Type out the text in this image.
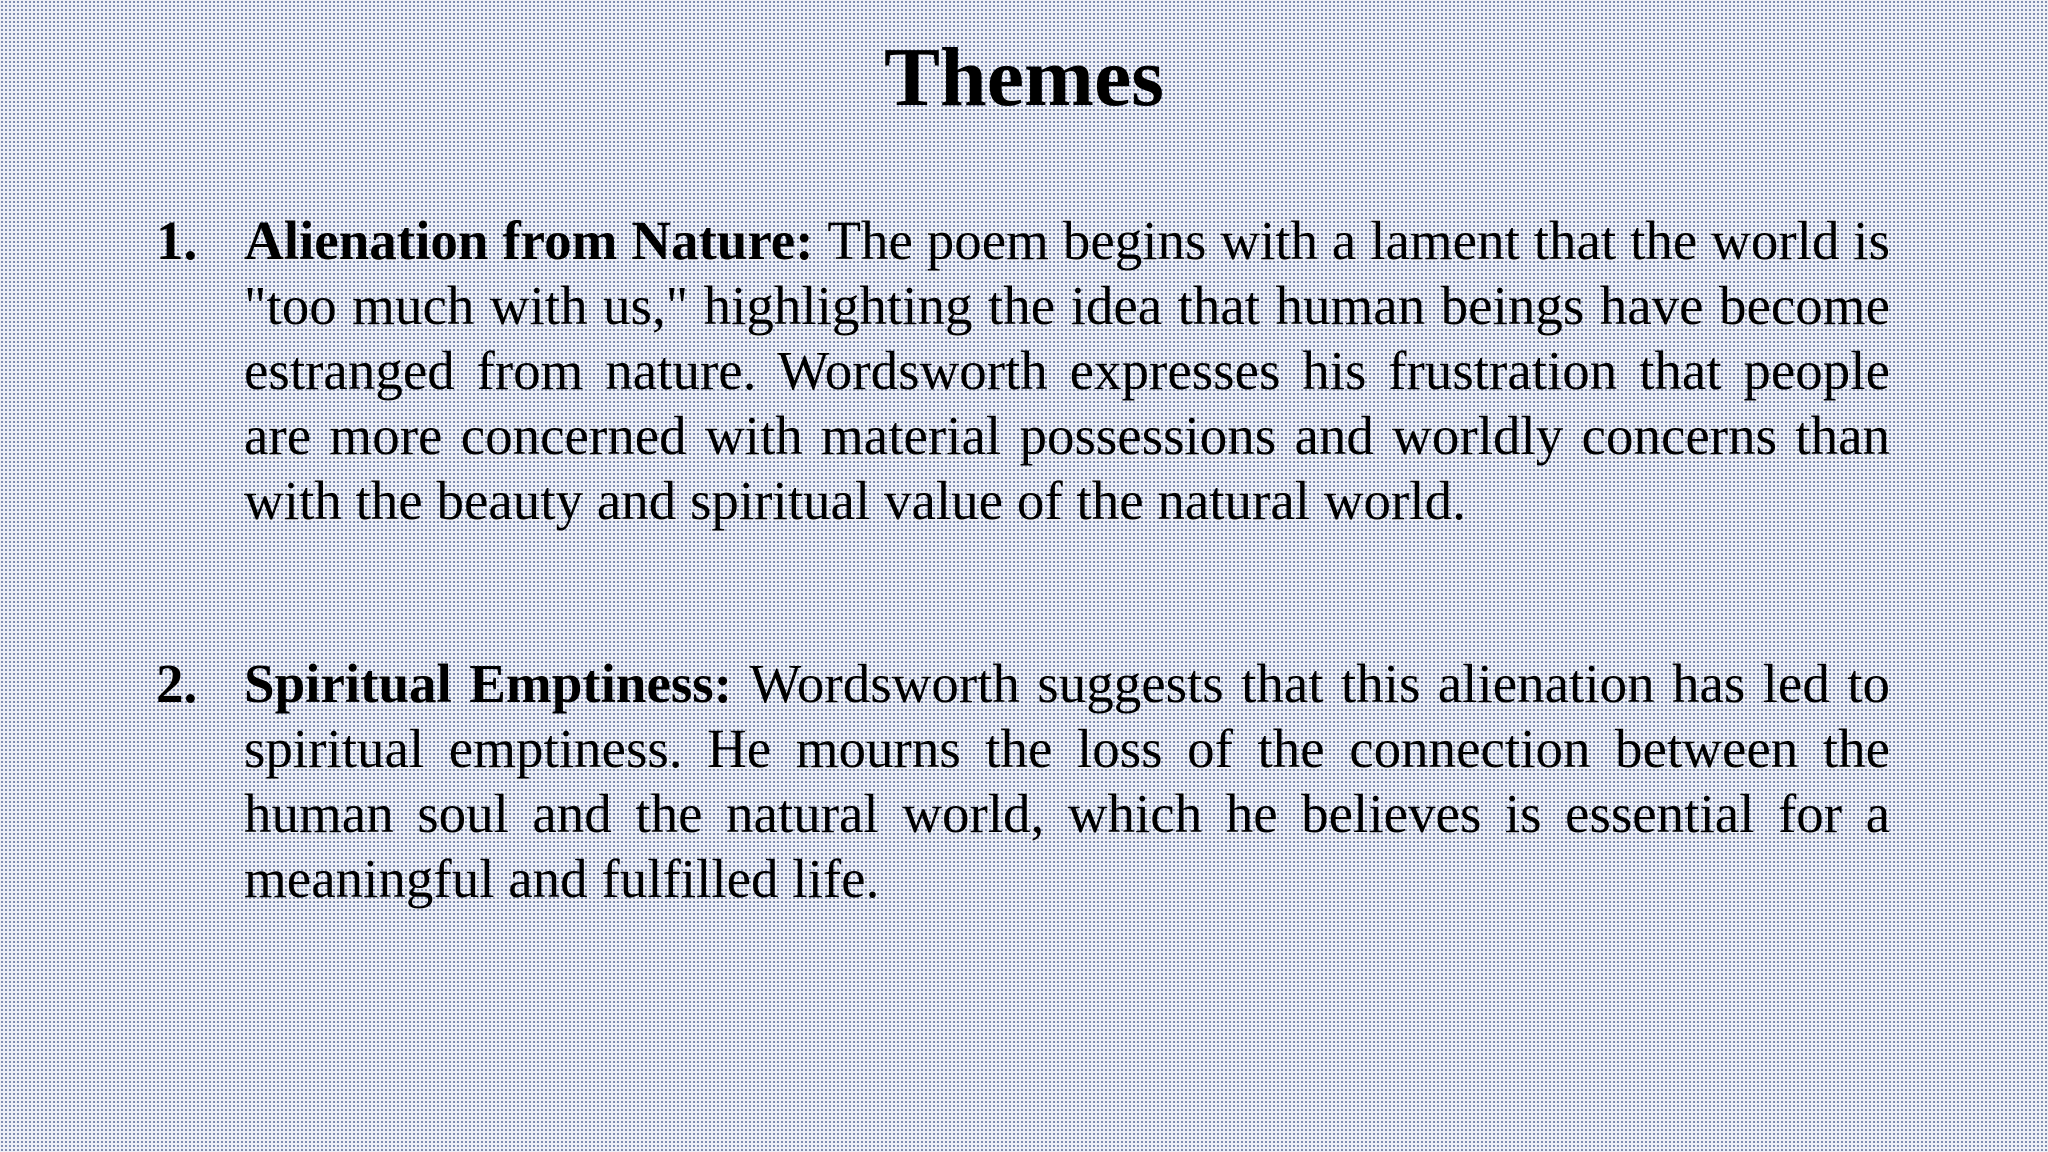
Themes
1. Alienation from Nature: The poem begins with a lament that the world is "too much with us," highlighting the idea that human beings have become estranged from nature. Wordsworth expresses his frustration that people are more concerned with material possessions and worldly concerns than with the beauty and spiritual value of the natural world.
2. Spiritual Emptiness: Wordsworth suggests that this alienation has led to spiritual emptiness. He mourns the loss of the connection between the human soul and the natural world, which he believes is essential for a meaningful and fulfilled life.
